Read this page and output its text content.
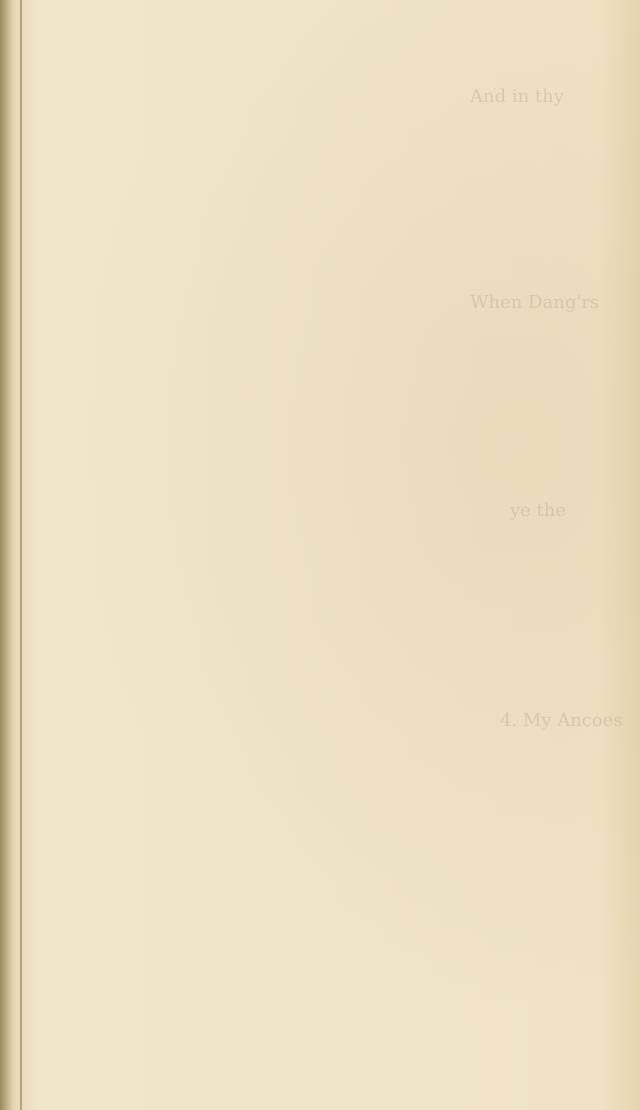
And in thy
When Dang'rs
ye the
4. My Ancoes
